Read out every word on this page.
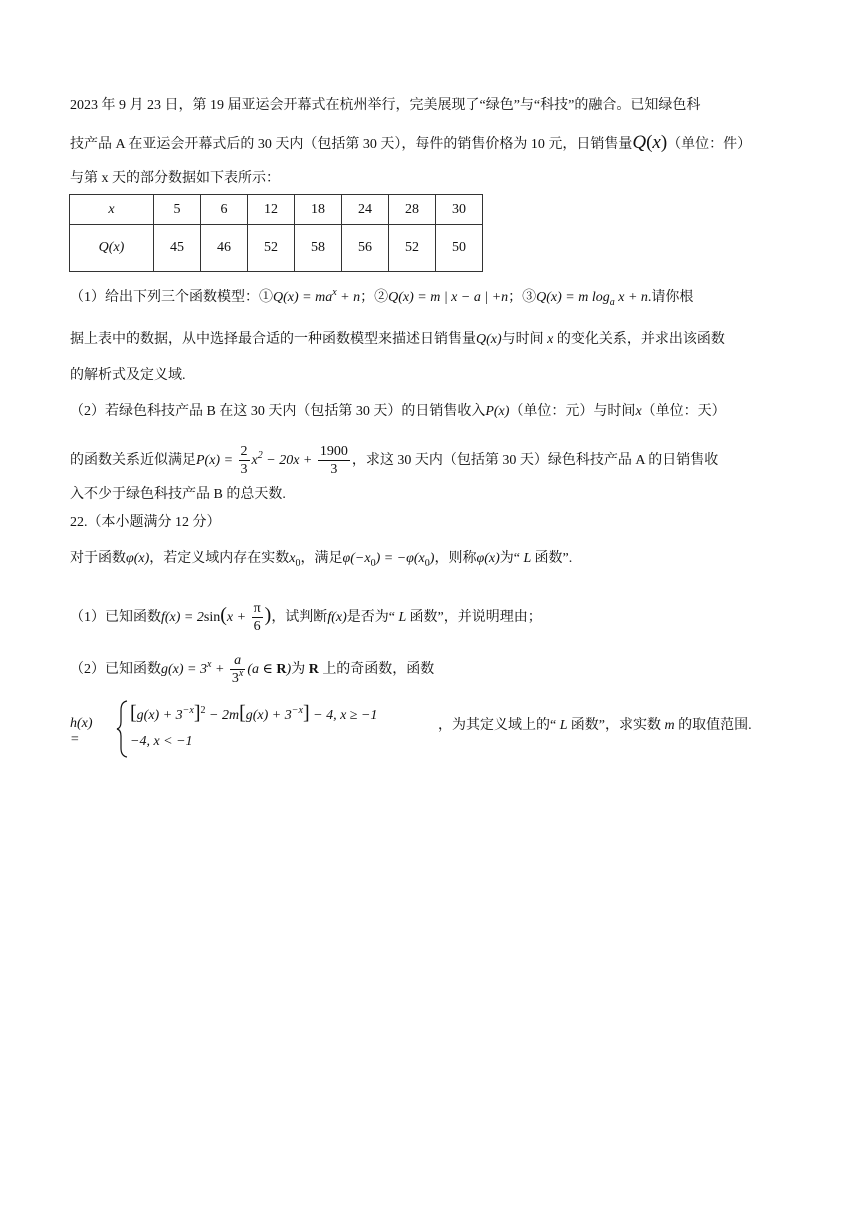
2023 年 9 月 23 日，第 19 届亚运会开幕式在杭州举行，完美展现了“绿色”与“科技”的融合。已知绿色科
技产品 A 在亚运会开幕式后的 30 天内（包括第 30 天），每件的销售价格为 10 元，日销售量Q(x)（单位：件）
与第 x 天的部分数据如下表所示：
x	5	6	12	18	24	28	30
Q(x)	45	46	52	58	56	52	50
（1）给出下列三个函数模型：①Q(x) = $ma^x + n$；②Q(x) = m | x − a | +n；③Q(x) = m $\log_a x + n$.请你根
据上表中的数据，从中选择最合适的一种函数模型来描述日销售量Q(x)与时间 x 的变化关系，并求出该函数
的解析式及定义域.
（2）若绿色科技产品 B 在这 30 天内（包括第 30 天）的日销售收入P(x)（单位：元）与时间x（单位：天）
的函数关系近似满足$P(x) = \frac{2}{3} x^2 - 20x + \frac{1900}{3}$ ，求这 30 天内（包括第 30 天）绿色科技产品 A 的日销售收
入不少于绿色科技产品 B 的总天数.
22.（本小题满分 12 分）
对于函数φ(x)，若定义域内存在实数$x_0$，满足$\varphi(-x_0) = -\varphi(x_0)$，则称φ(x)为“ L 函数”.
（1）已知函数$f(x) = 2\sin(x + \frac{\pi}{6}$ )，试判断f(x)是否为“ L 函数”，并说明理由；
（2）已知函数$g(x) = 3^x + \frac{a}{3^x} (a$ ∈ R)为 R 上的奇函数，函数
h(x) =
$[g(x) + 3^{-x}]^2 - 2m[g(x) + 3^{-x}] - 4$, x ≥ −1
−4, x < −1
，为其定义域上的“ L 函数”，求实数 m 的取值范围.
